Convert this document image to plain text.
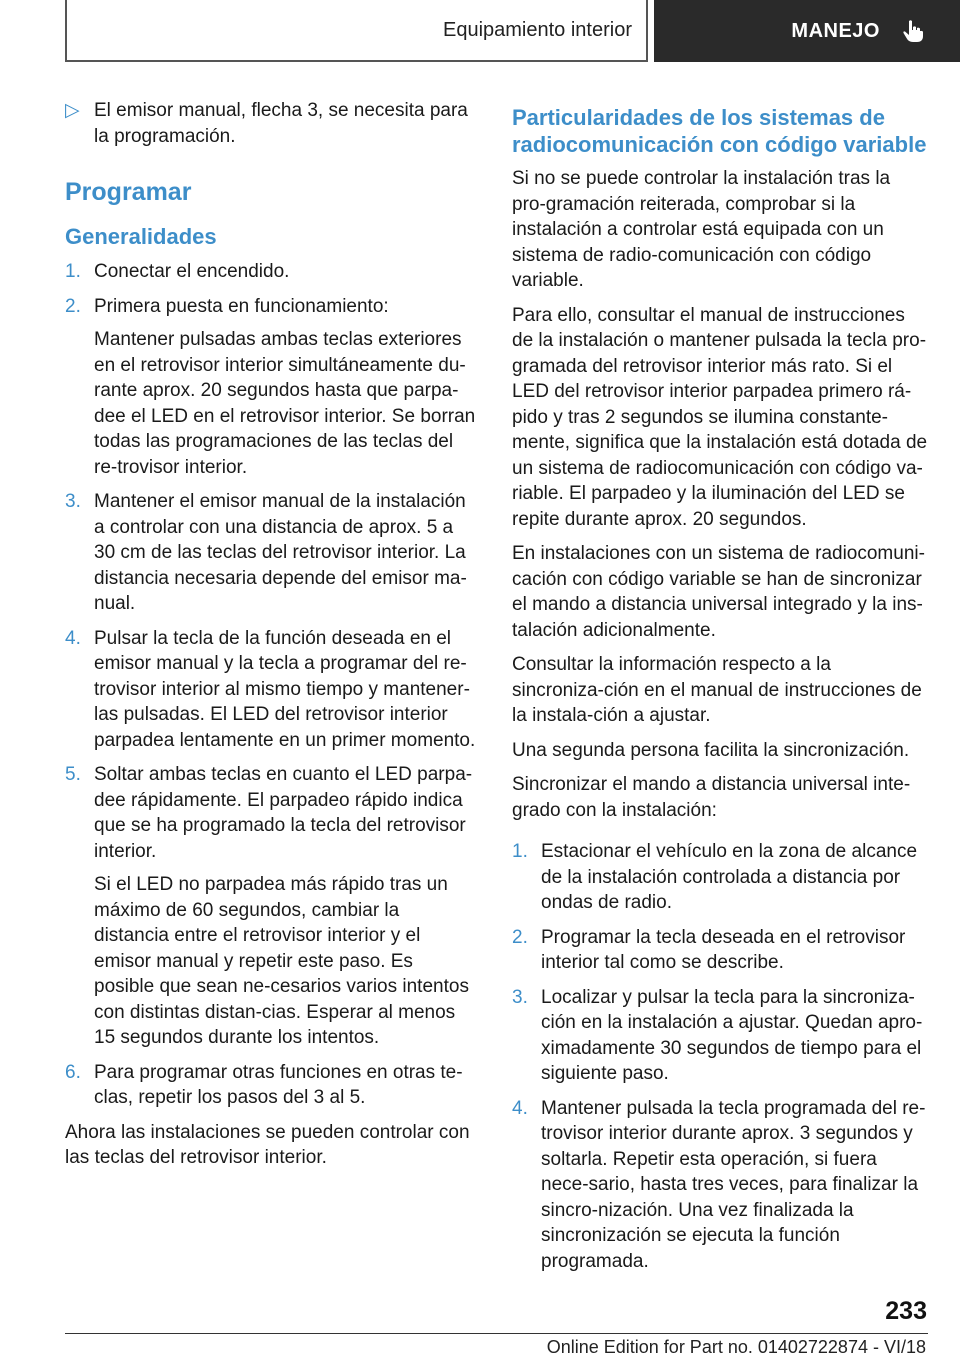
Equipamiento interior	MANEJO
▷ El emisor manual, flecha 3, se necesita para la programación.
Programar
Generalidades
1. Conectar el encendido.

2. Primera puesta en funcionamiento:

Mantener pulsadas ambas teclas exteriores en el retrovisor interior simultáneamente du‐rante aprox. 20 segundos hasta que parpa‐dee el LED en el retrovisor interior. Se borran todas las programaciones de las teclas del re‐trovisor interior.

3. Mantener el emisor manual de la instalación a controlar con una distancia de aprox. 5 a 30 cm de las teclas del retrovisor interior. La distancia necesaria depende del emisor ma‐nual.

4. Pulsar la tecla de la función deseada en el emisor manual y la tecla a programar del re‐trovisor interior al mismo tiempo y mantener‐las pulsadas. El LED del retrovisor interior parpadea lentamente en un primer momento.

5. Soltar ambas teclas en cuanto el LED parpa‐dee rápidamente. El parpadeo rápido indica que se ha programado la tecla del retrovisor interior.

Si el LED no parpadea más rápido tras un máximo de 60 segundos, cambiar la distancia entre el retrovisor interior y el emisor manual y repetir este paso. Es posible que sean ne‐cesarios varios intentos con distintas distan‐cias. Esperar al menos 15 segundos durante los intentos.

6. Para programar otras funciones en otras te‐clas, repetir los pasos del 3 al 5.

Ahora las instalaciones se pueden controlar con las teclas del retrovisor interior.

Particularidades de los sistemas de radiocomunicación con código variable

Si no se puede controlar la instalación tras la pro‐gramación reiterada, comprobar si la instalación a controlar está equipada con un sistema de radio‐comunicación con código variable.

Para ello, consultar el manual de instrucciones de la instalación o mantener pulsada la tecla pro‐gramada del retrovisor interior más rato. Si el LED del retrovisor interior parpadea primero rá‐pido y tras 2 segundos se ilumina constante‐mente, significa que la instalación está dotada de un sistema de radiocomunicación con código va‐riable. El parpadeo y la iluminación del LED se repite durante aprox. 20 segundos.

En instalaciones con un sistema de radiocomuni‐cación con código variable se han de sincronizar el mando a distancia universal integrado y la ins‐talación adicionalmente.

Consultar la información respecto a la sincroniza‐ción en el manual de instrucciones de la instala‐ción a ajustar.

Una segunda persona facilita la sincronización.

Sincronizar el mando a distancia universal inte‐grado con la instalación:

1. Estacionar el vehículo en la zona de alcance de la instalación controlada a distancia por ondas de radio.

2. Programar la tecla deseada en el retrovisor interior tal como se describe.

3. Localizar y pulsar la tecla para la sincroniza‐ción en la instalación a ajustar. Quedan apro‐ximadamente 30 segundos de tiempo para el siguiente paso.

4. Mantener pulsada la tecla programada del re‐trovisor interior durante aprox. 3 segundos y soltarla. Repetir esta operación, si fuera nece‐sario, hasta tres veces, para finalizar la sincro‐nización. Una vez finalizada la sincronización se ejecuta la función programada.

233
Online Edition for Part no. 01402722874 - VI/18
